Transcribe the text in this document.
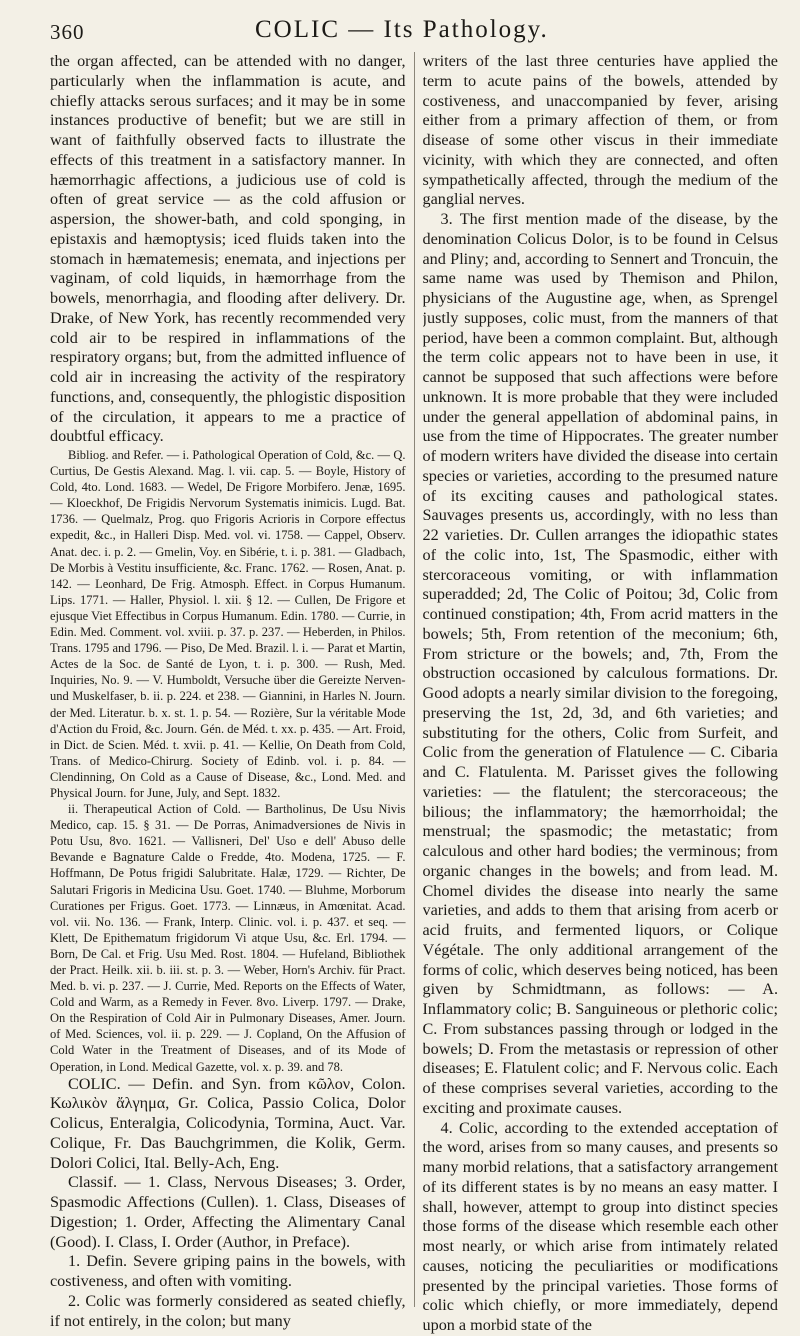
360	COLIC — Its Pathology.

the organ affected, can be attended with no danger, particularly when the inflammation is acute, and chiefly attacks serous surfaces; and it may be in some instances productive of benefit; but we are still in want of faithfully observed facts to illustrate the effects of this treatment in a satisfactory manner. In hæmorrhagic affections, a judicious use of cold is often of great service — as the cold affusion or aspersion, the shower-bath, and cold sponging, in epistaxis and hæmoptysis; iced fluids taken into the stomach in hæmatemesis; enemata, and injections per vaginam, of cold liquids, in hæmorrhage from the bowels, menorrhagia, and flooding after delivery. Dr. Drake, of New York, has recently recommended very cold air to be respired in inflammations of the respiratory organs; but, from the admitted influence of cold air in increasing the activity of the respiratory functions, and, consequently, the phlogistic disposition of the circulation, it appears to me a practice of doubtful efficacy.

Bibliog. and Refer. — i. Pathological Operation of Cold, &c. — Q. Curtius, De Gestis Alexand. Mag. l. vii. cap. 5. — Boyle, History of Cold, 4to. Lond. 1683. — Wedel, De Frigore Morbifero. Jenæ, 1695. — Kloeckhof, De Frigidis Nervorum Systematis inimicis. Lugd. Bat. 1736. — Quelmalz, Prog. quo Frigoris Acrioris in Corpore effectus expedit, &c., in Halleri Disp. Med. vol. vi. 1758. — Cappel, Observ. Anat. dec. i. p. 2. — Gmelin, Voy. en Sibérie, t. i. p. 381. — Gladbach, De Morbis à Vestitu insufficiente, &c. Franc. 1762. — Rosen, Anat. p. 142. — Leonhard, De Frig. Atmosph. Effect. in Corpus Humanum. Lips. 1771. — Haller, Physiol. l. xii. § 12. — Cullen, De Frigore et ejusque Viet Effectibus in Corpus Humanum. Edin. 1780. — Currie, in Edin. Med. Comment. vol. xviii. p. 37. p. 237. — Heberden, in Philos. Trans. 1795 and 1796. — Piso, De Med. Brazil. l. i. — Parat et Martin, Actes de la Soc. de Santé de Lyon, t. i. p. 300. — Rush, Med. Inquiries, No. 9. — V. Humboldt, Versuche über die Gereizte Nerven-und Muskelfaser, b. ii. p. 224. et 238. — Giannini, in Harles N. Journ. der Med. Literatur. b. x. st. 1. p. 54. — Rozière, Sur la véritable Mode d'Action du Froid, &c. Journ. Gén. de Méd. t. xx. p. 435. — Art. Froid, in Dict. de Scien. Méd. t. xvii. p. 41. — Kellie, On Death from Cold, Trans. of Medico-Chirurg. Society of Edinb. vol. i. p. 84. — Clendinning, On Cold as a Cause of Disease, &c., Lond. Med. and Physical Journ. for June, July, and Sept. 1832.

ii. Therapeutical Action of Cold. — Bartholinus, De Usu Nivis Medico, cap. 15. § 31. — De Porras, Animadversiones de Nivis in Potu Usu, 8vo. 1621. — Vallisneri, Del' Uso e dell' Abuso delle Bevande e Bagnature Calde o Fredde, 4to. Modena, 1725. — F. Hoffmann, De Potus frigidi Salubritate. Halæ, 1729. — Richter, De Salutari Frigoris in Medicina Usu. Goet. 1740. — Bluhme, Morborum Curationes per Frigus. Goet. 1773. — Linnæus, in Amœnitat. Acad. vol. vii. No. 136. — Frank, Interp. Clinic. vol. i. p. 437. et seq. — Klett, De Epithematum frigidorum Vi atque Usu, &c. Erl. 1794. — Born, De Cal. et Frig. Usu Med. Rost. 1804. — Hufeland, Bibliothek der Pract. Heilk. xii. b. iii. st. p. 3. — Weber, Horn's Archiv. für Pract. Med. b. vi. p. 237. — J. Currie, Med. Reports on the Effects of Water, Cold and Warm, as a Remedy in Fever. 8vo. Liverp. 1797. — Drake, On the Respiration of Cold Air in Pulmonary Diseases, Amer. Journ. of Med. Sciences, vol. ii. p. 229. — J. Copland, On the Affusion of Cold Water in the Treatment of Diseases, and of its Mode of Operation, in Lond. Medical Gazette, vol. x. p. 39. and 78.

COLIC. — Defin. and Syn. from κῶλον, Colon. Κωλικὸν ἄλγημα, Gr. Colica, Passio Colica, Dolor Colicus, Enteralgia, Colicodynia, Tormina, Auct. Var. Colique, Fr. Das Bauchgrimmen, die Kolik, Germ. Dolori Colici, Ital. Belly-Ach, Eng.

Classif. — 1. Class, Nervous Diseases; 3. Order, Spasmodic Affections (Cullen). 1. Class, Diseases of Digestion; 1. Order, Affecting the Alimentary Canal (Good). I. Class, I. Order (Author, in Preface).

1. Defin. Severe griping pains in the bowels, with costiveness, and often with vomiting.

2. Colic was formerly considered as seated chiefly, if not entirely, in the colon; but many

writers of the last three centuries have applied the term to acute pains of the bowels, attended by costiveness, and unaccompanied by fever, arising either from a primary affection of them, or from disease of some other viscus in their immediate vicinity, with which they are connected, and often sympathetically affected, through the medium of the ganglial nerves.

3. The first mention made of the disease, by the denomination Colicus Dolor, is to be found in Celsus and Pliny; and, according to Sennert and Troncuin, the same name was used by Themison and Philon, physicians of the Augustine age, when, as Sprengel justly supposes, colic must, from the manners of that period, have been a common complaint. But, although the term colic appears not to have been in use, it cannot be supposed that such affections were before unknown. It is more probable that they were included under the general appellation of abdominal pains, in use from the time of Hippocrates. The greater number of modern writers have divided the disease into certain species or varieties, according to the presumed nature of its exciting causes and pathological states. Sauvages presents us, accordingly, with no less than 22 varieties. Dr. Cullen arranges the idiopathic states of the colic into, 1st, The Spasmodic, either with stercoraceous vomiting, or with inflammation superadded; 2d, The Colic of Poitou; 3d, Colic from continued constipation; 4th, From acrid matters in the bowels; 5th, From retention of the meconium; 6th, From stricture or the bowels; and, 7th, From the obstruction occasioned by calculous formations. Dr. Good adopts a nearly similar division to the foregoing, preserving the 1st, 2d, 3d, and 6th varieties; and substituting for the others, Colic from Surfeit, and Colic from the generation of Flatulence — C. Cibaria and C. Flatulenta. M. Parisset gives the following varieties: — the flatulent; the stercoraceous; the bilious; the inflammatory; the hæmorrhoidal; the menstrual; the spasmodic; the metastatic; from calculous and other hard bodies; the verminous; from organic changes in the bowels; and from lead. M. Chomel divides the disease into nearly the same varieties, and adds to them that arising from acerb or acid fruits, and fermented liquors, or Colique Végétale. The only additional arrangement of the forms of colic, which deserves being noticed, has been given by Schmidtmann, as follows: — A. Inflammatory colic; B. Sanguineous or plethoric colic; C. From substances passing through or lodged in the bowels; D. From the metastasis or repression of other diseases; E. Flatulent colic; and F. Nervous colic. Each of these comprises several varieties, according to the exciting and proximate causes.

4. Colic, according to the extended acceptation of the word, arises from so many causes, and presents so many morbid relations, that a satisfactory arrangement of its different states is by no means an easy matter. I shall, however, attempt to group into distinct species those forms of the disease which resemble each other most nearly, or which arise from intimately related causes, noticing the peculiarities or modifications presented by the principal varieties. Those forms of colic which chiefly, or more immediately, depend upon a morbid state of the
